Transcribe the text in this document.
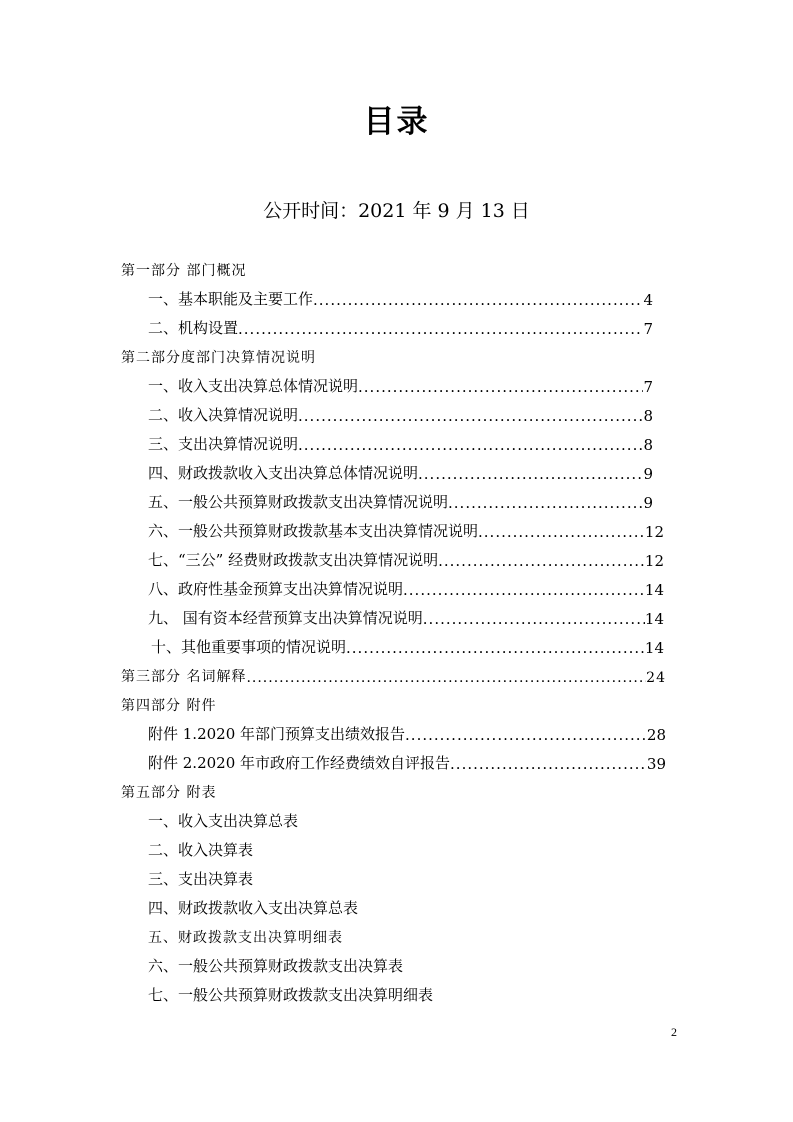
目录
公开时间：2021 年 9 月 13 日
第一部分 部门概况
一、基本职能及主要工作 .....	4
二、机构设置 .....	7
第二部分度部门决算情况说明
一、收入支出决算总体情况说明 .....	7
二、收入决算情况说明 .....	8
三、支出决算情况说明 .....	8
四、财政拨款收入支出决算总体情况说明 .....	9
五、一般公共预算财政拨款支出决算情况说明 .....	9
六、一般公共预算财政拨款基本支出决算情况说明 .....	12
七、“三公” 经费财政拨款支出决算情况说明 .....	12
八、政府性基金预算支出决算情况说明 .....	14
九、 国有资本经营预算支出决算情况说明 .....	14
十、其他重要事项的情况说明 .....	14
第三部分 名词解释 .....	24
第四部分 附件
附件 1.2020 年部门预算支出绩效报告 .....	28
附件 2.2020 年市政府工作经费绩效自评报告 .....	39
第五部分 附表
一、收入支出决算总表
二、收入决算表
三、支出决算表
四、财政拨款收入支出决算总表
五、财政拨款支出决算明细表
六、一般公共预算财政拨款支出决算表
七、一般公共预算财政拨款支出决算明细表
2
